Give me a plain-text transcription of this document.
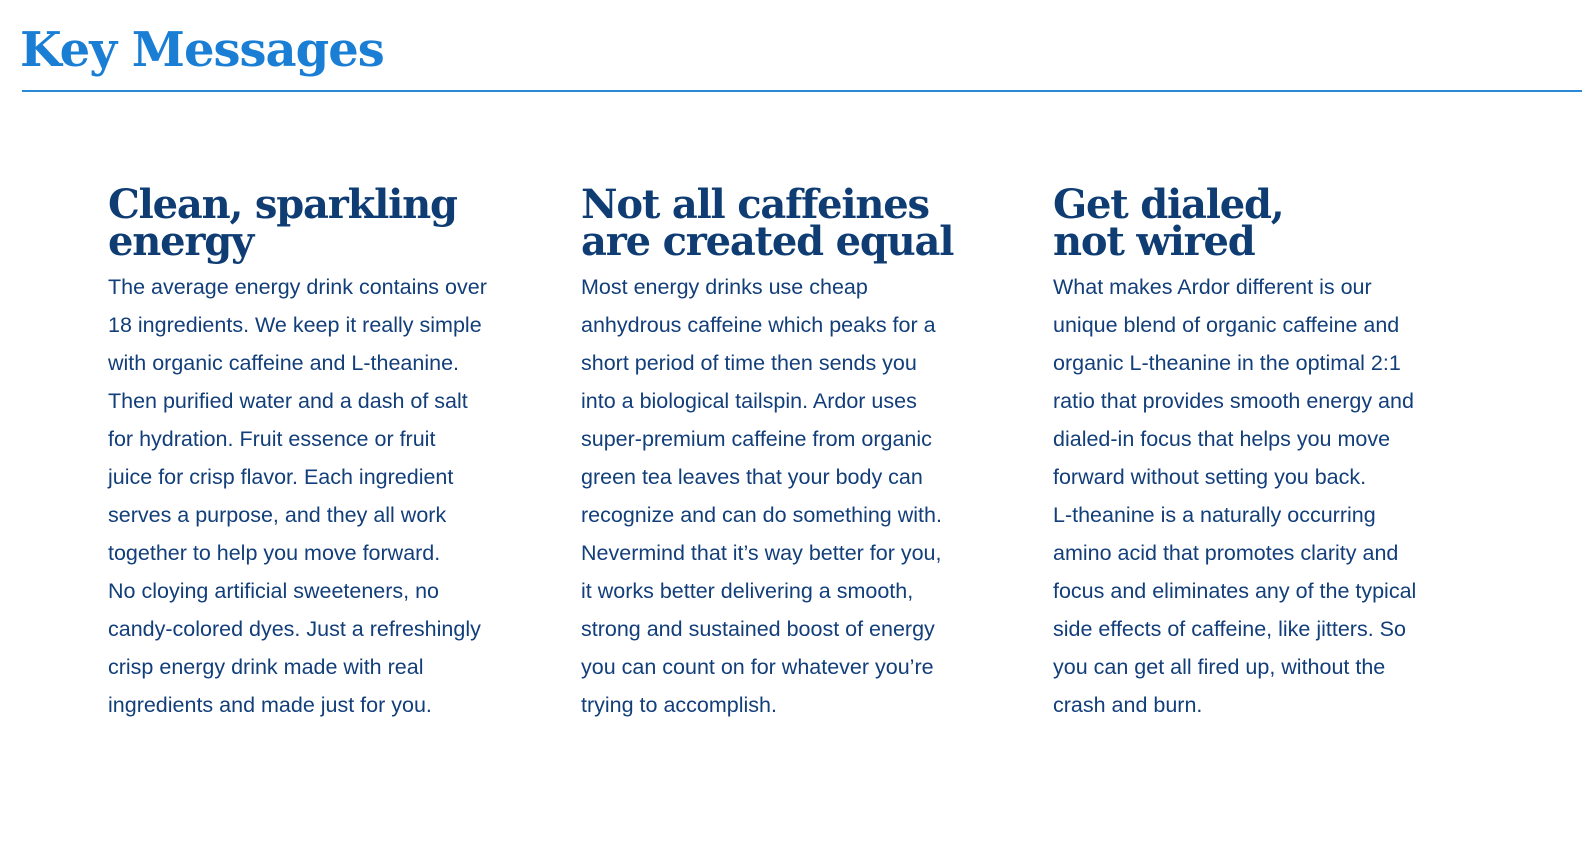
Key Messages
Clean, sparkling
energy

The average energy drink contains over
18 ingredients. We keep it really simple
with organic caffeine and L-theanine.
Then purified water and a dash of salt
for hydration. Fruit essence or fruit
juice for crisp flavor. Each ingredient
serves a purpose, and they all work
together to help you move forward.
No cloying artificial sweeteners, no
candy-colored dyes. Just a refreshingly
crisp energy drink made with real
ingredients and made just for you.

Not all caffeines
are created equal

Most energy drinks use cheap
anhydrous caffeine which peaks for a
short period of time then sends you
into a biological tailspin. Ardor uses
super-premium caffeine from organic
green tea leaves that your body can
recognize and can do something with.
Nevermind that it’s way better for you,
it works better delivering a smooth,
strong and sustained boost of energy
you can count on for whatever you’re
trying to accomplish.

Get dialed,
not wired

What makes Ardor different is our
unique blend of organic caffeine and
organic L-theanine in the optimal 2:1
ratio that provides smooth energy and
dialed-in focus that helps you move
forward without setting you back.
L-theanine is a naturally occurring
amino acid that promotes clarity and
focus and eliminates any of the typical
side effects of caffeine, like jitters. So
you can get all fired up, without the
crash and burn.
